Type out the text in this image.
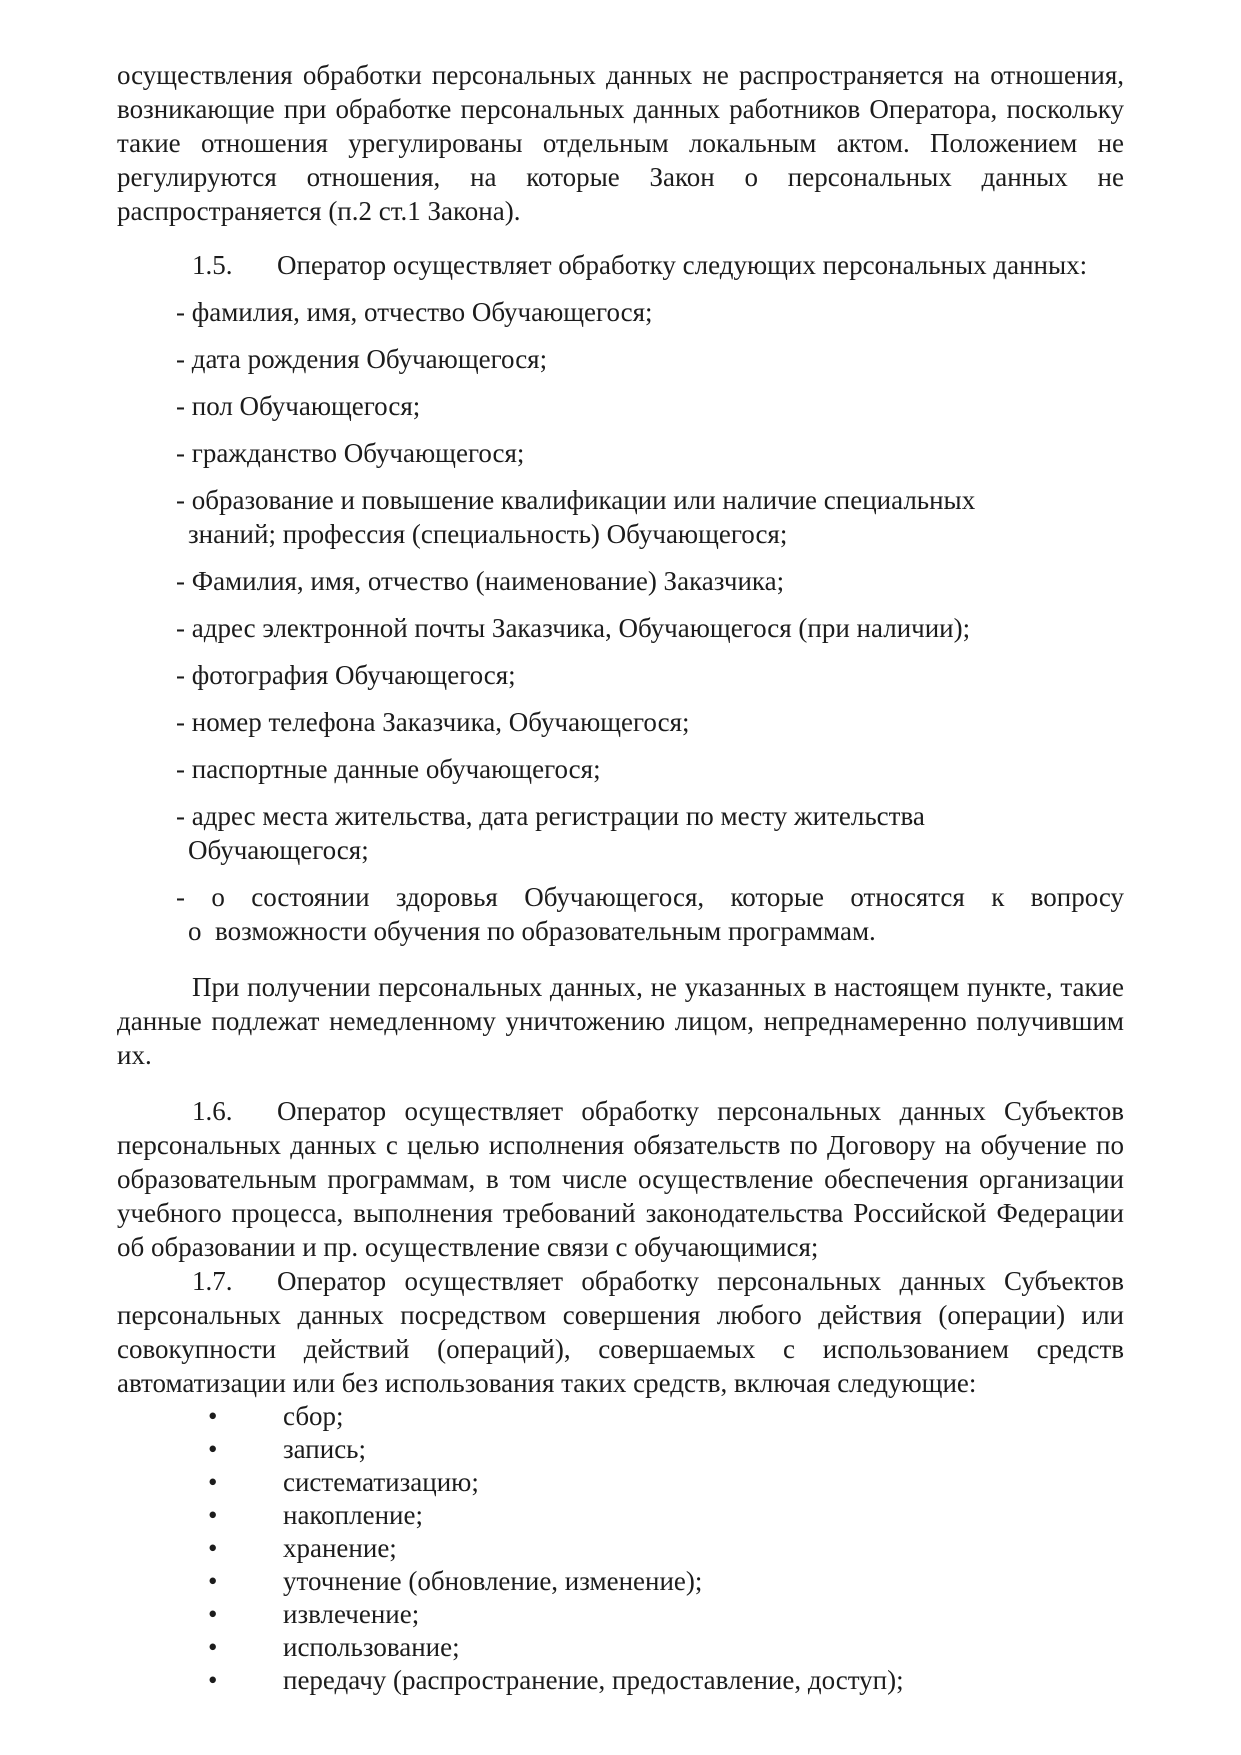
осуществления обработки персональных данных не распространяется на отношения, возникающие при обработке персональных данных работников Оператора, поскольку такие отношения урегулированы отдельным локальным актом. Положением не регулируются отношения, на которые Закон о персональных данных не распространяется (п.2 ст.1 Закона).

1.5. Оператор осуществляет обработку следующих персональных данных:

- фамилия, имя, отчество Обучающегося;
- дата рождения Обучающегося;
- пол Обучающегося;
- гражданство Обучающегося;
- образование и повышение квалификации или наличие специальных
знаний; профессия (специальность) Обучающегося;
- Фамилия, имя, отчество (наименование) Заказчика;
- адрес электронной почты Заказчика, Обучающегося (при наличии);
- фотография Обучающегося;
- номер телефона Заказчика, Обучающегося;
- паспортные данные обучающегося;
- адрес места жительства, дата регистрации по месту жительства
Обучающегося;
- о состоянии здоровья Обучающегося, которые относятся к вопросу
о  возможности обучения по образовательным программам.

При получении персональных данных, не указанных в настоящем пункте, такие данные подлежат немедленному уничтожению лицом, непреднамеренно получившим их.

1.6. Оператор осуществляет обработку персональных данных Субъектов персональных данных с целью исполнения обязательств по Договору на обучение по образовательным программам, в том числе осуществление обеспечения организации учебного процесса, выполнения требований законодательства Российской Федерации об образовании и пр. осуществление связи с обучающимися;

1.7. Оператор осуществляет обработку персональных данных Субъектов персональных данных посредством совершения любого действия (операции) или совокупности действий (операций), совершаемых с использованием средств автоматизации или без использования таких средств, включая следующие:

• сбор;
• запись;
• систематизацию;
• накопление;
• хранение;
• уточнение (обновление, изменение);
• извлечение;
• использование;
• передачу (распространение, предоставление, доступ);
